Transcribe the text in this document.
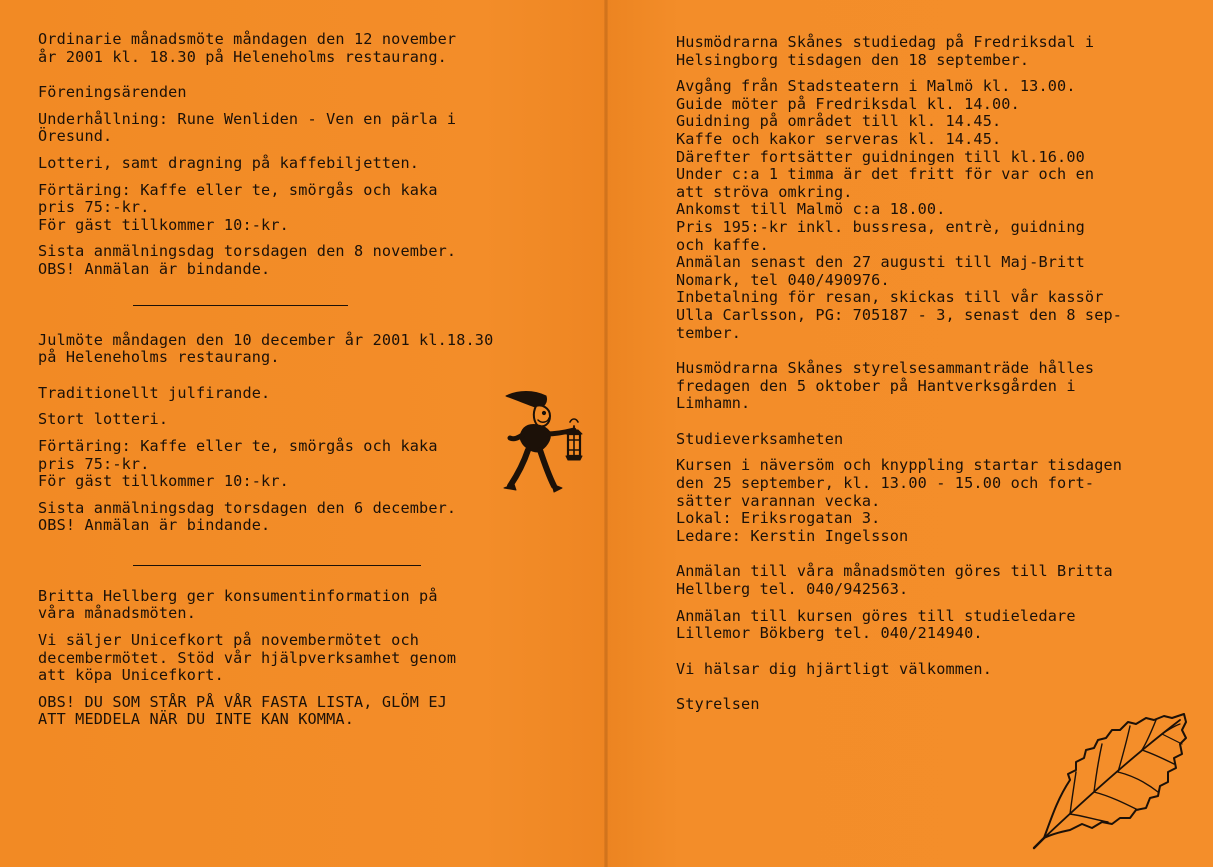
Ordinarie månadsmöte måndagen den 12 november
år 2001 kl. 18.30 på Heleneholms restaurang.

Föreningsärenden

Underhållning: Rune Wenliden - Ven en pärla i
Öresund.

Lotteri, samt dragning på kaffebiljetten.

Förtäring: Kaffe eller te, smörgås och kaka
pris 75:-kr.
För gäst tillkommer 10:-kr.

Sista anmälningsdag torsdagen den 8 november.
OBS! Anmälan är bindande.

Julmöte måndagen den 10 december år 2001 kl.18.30
på Heleneholms restaurang.

Traditionellt julfirande.

Stort lotteri.

Förtäring: Kaffe eller te, smörgås och kaka
pris 75:-kr.
För gäst tillkommer 10:-kr.

Sista anmälningsdag torsdagen den 6 december.
OBS! Anmälan är bindande.

Britta Hellberg ger konsumentinformation på
våra månadsmöten.

Vi säljer Unicefkort på novembermötet och
decembermötet. Stöd vår hjälpverksamhet genom
att köpa Unicefkort.

OBS! DU SOM STÅR PÅ VÅR FASTA LISTA, GLÖM EJ
ATT MEDDELA NÄR DU INTE KAN KOMMA.

Husmödrarna Skånes studiedag på Fredriksdal i
Helsingborg tisdagen den 18 september.

Avgång från Stadsteatern i Malmö kl. 13.00.
Guide möter på Fredriksdal kl. 14.00.
Guidning på området till kl. 14.45.
Kaffe och kakor serveras kl. 14.45.
Därefter fortsätter guidningen till kl.16.00
Under c:a 1 timma är det fritt för var och en
att ströva omkring.
Ankomst till Malmö c:a 18.00.
Pris 195:-kr inkl. bussresa, entrè, guidning
och kaffe.
Anmälan senast den 27 augusti till Maj-Britt
Nomark, tel 040/490976.
Inbetalning för resan, skickas till vår kassör
Ulla Carlsson, PG: 705187 - 3, senast den 8 sep-
tember.

Husmödrarna Skånes styrelsesammanträde hålles
fredagen den 5 oktober på Hantverksgården i
Limhamn.

Studieverksamheten

Kursen i näversöm och knyppling startar tisdagen
den 25 september, kl. 13.00 - 15.00 och fort-
sätter varannan vecka.
Lokal: Eriksrogatan 3.
Ledare: Kerstin Ingelsson

Anmälan till våra månadsmöten göres till Britta
Hellberg tel. 040/942563.

Anmälan till kursen göres till studieledare
Lillemor Bökberg tel. 040/214940.

Vi hälsar dig hjärtligt välkommen.

Styrelsen
